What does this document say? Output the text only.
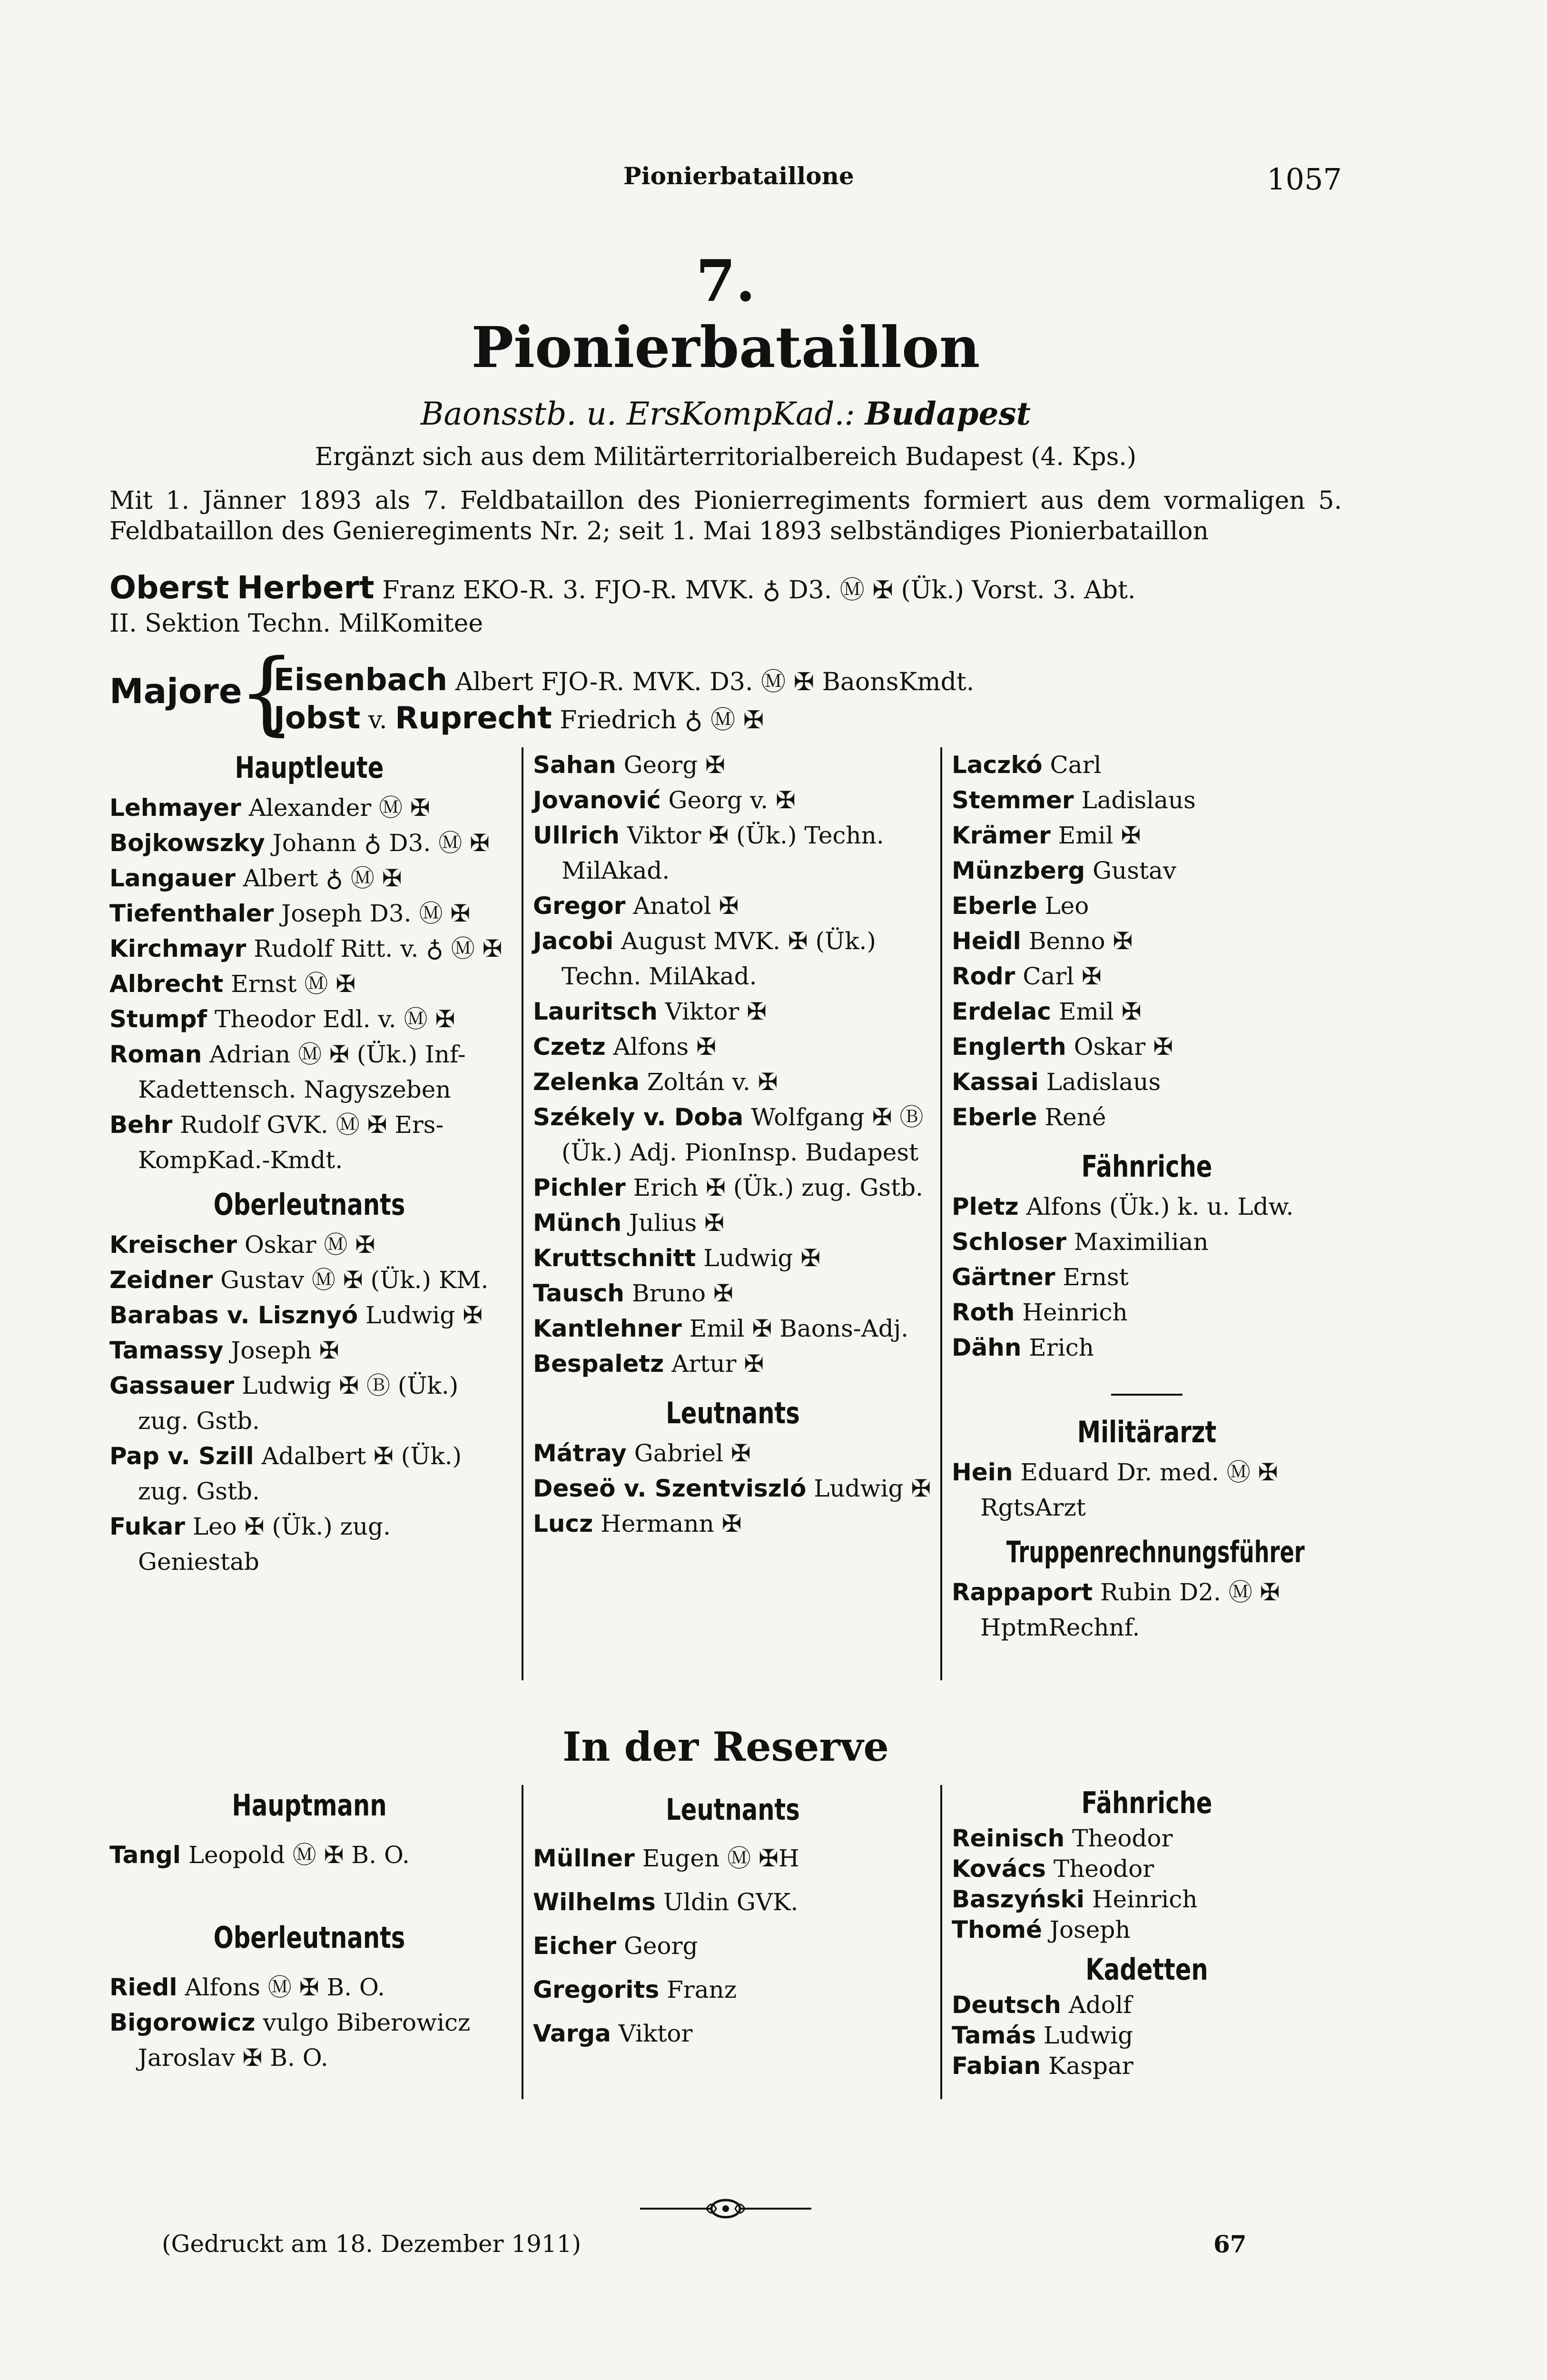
Pionierbataillone	1057
7.
Pionierbataillon
Baonsstb. u. ErsKompKad.: Budapest
Ergänzt sich aus dem Militärterritorialbereich Budapest (4. Kps.)
Mit 1. Jänner 1893 als 7. Feldbataillon des Pionierregiments formiert aus dem vormaligen 5. Feldbataillon des Genieregiments Nr. 2; seit 1. Mai 1893 selbständiges Pionierbataillon
Oberst Herbert Franz EKO-R. 3. FJO-R. MVK. ♁ D3. Ⓜ ✠ (Ük.) Vorst. 3. Abt.
II. Sektion Techn. MilKomitee
Majore
{
Eisenbach Albert FJO-R. MVK. D3. Ⓜ ✠ BaonsKmdt.
Jobst v. Ruprecht Friedrich ♁ Ⓜ ✠
Hauptleute
Lehmayer Alexander Ⓜ ✠
Bojkowszky Johann ♁ D3. Ⓜ ✠
Langauer Albert ♁ Ⓜ ✠
Tiefenthaler Joseph D3. Ⓜ ✠
Kirchmayr Rudolf Ritt. v. ♁ Ⓜ ✠
Albrecht Ernst Ⓜ ✠
Stumpf Theodor Edl. v. Ⓜ ✠
Roman Adrian Ⓜ ✠ (Ük.) Inf-Kadettensch. Nagyszeben
Behr Rudolf GVK. Ⓜ ✠ Ers-KompKad.-Kmdt.
Oberleutnants
Kreischer Oskar Ⓜ ✠
Zeidner Gustav Ⓜ ✠ (Ük.) KM.
Barabas v. Lisznyó Ludwig ✠
Tamassy Joseph ✠
Gassauer Ludwig ✠ Ⓑ (Ük.) zug. Gstb.
Pap v. Szill Adalbert ✠ (Ük.) zug. Gstb.
Fukar Leo ✠ (Ük.) zug. Geniestab
Sahan Georg ✠
Jovanović Georg v. ✠
Ullrich Viktor ✠ (Ük.) Techn. MilAkad.
Gregor Anatol ✠
Jacobi August MVK. ✠ (Ük.) Techn. MilAkad.
Lauritsch Viktor ✠
Czetz Alfons ✠
Zelenka Zoltán v. ✠
Székely v. Doba Wolfgang ✠ Ⓑ (Ük.) Adj. PionInsp. Budapest
Pichler Erich ✠ (Ük.) zug. Gstb.
Münch Julius ✠
Kruttschnitt Ludwig ✠
Tausch Bruno ✠
Kantlehner Emil ✠ Baons-Adj.
Bespaletz Artur ✠
Leutnants
Mátray Gabriel ✠
Deseö v. Szentviszló Ludwig ✠
Lucz Hermann ✠
Laczkó Carl
Stemmer Ladislaus
Krämer Emil ✠
Münzberg Gustav
Eberle Leo
Heidl Benno ✠
Rodr Carl ✠
Erdelac Emil ✠
Englerth Oskar ✠
Kassai Ladislaus
Eberle René
Fähnriche
Pletz Alfons (Ük.) k. u. Ldw.
Schloser Maximilian
Gärtner Ernst
Roth Heinrich
Dähn Erich
Militärarzt
Hein Eduard Dr. med. Ⓜ ✠ RgtsArzt
Truppenrechnungsführer
Rappaport Rubin D2. Ⓜ ✠ HptmRechnf.
In der Reserve
Hauptmann
Tangl Leopold Ⓜ ✠ B. O.
Oberleutnants
Riedl Alfons Ⓜ ✠ B. O.
Bigorowicz vulgo Biberowicz Jaroslav ✠ B. O.
Leutnants
Müllner Eugen Ⓜ ✠H
Wilhelms Uldin GVK.
Eicher Georg
Gregorits Franz
Varga Viktor
Fähnriche
Reinisch Theodor
Kovács Theodor
Baszyński Heinrich
Thomé Joseph
Kadetten
Deutsch Adolf
Tamás Ludwig
Fabian Kaspar
(Gedruckt am 18. Dezember 1911)	67
